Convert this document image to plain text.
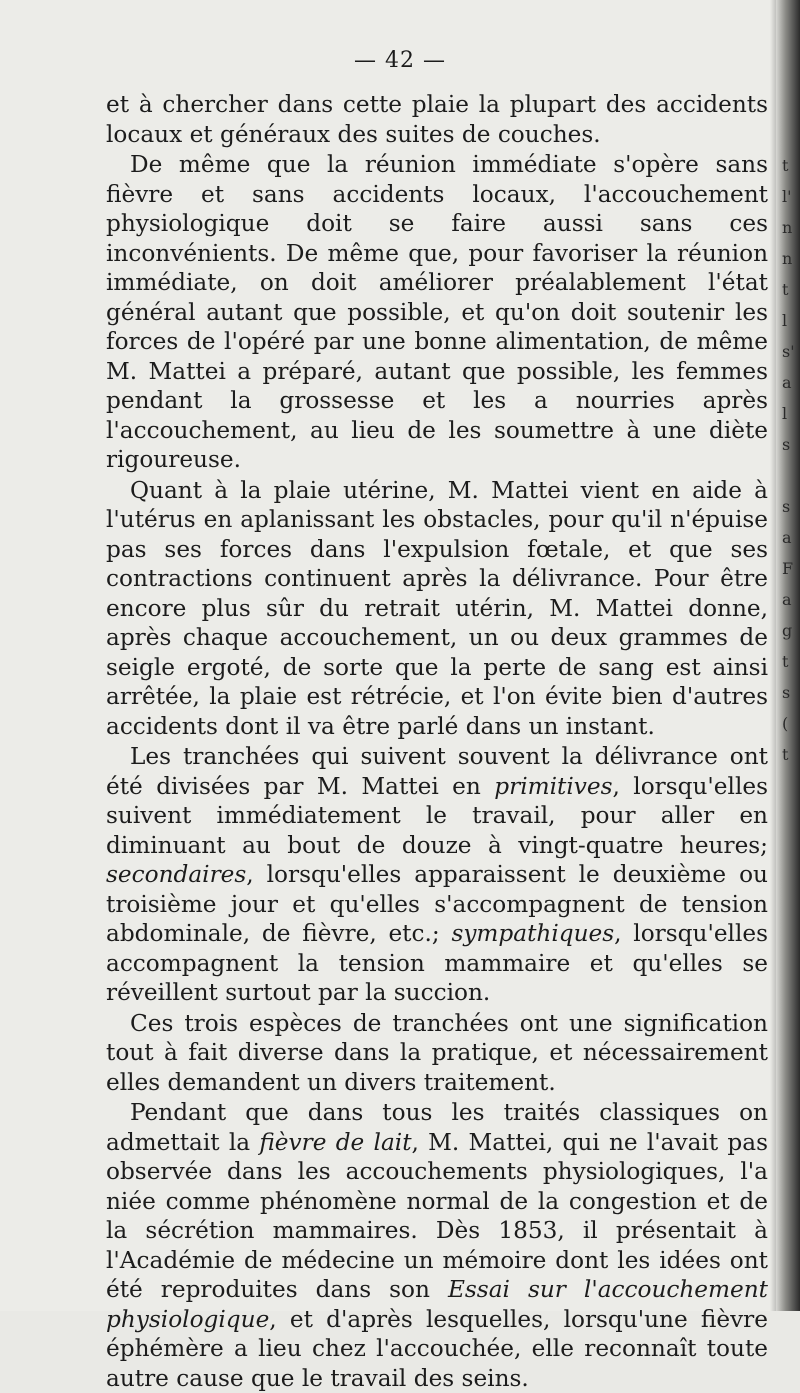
— 42 —

et à chercher dans cette plaie la plupart des accidents locaux et généraux des suites de couches.

De même que la réunion immédiate s'opère sans fièvre et sans accidents locaux, l'accouchement physiologique doit se faire aussi sans ces inconvénients. De même que, pour favoriser la réunion immédiate, on doit améliorer préalablement l'état général autant que possible, et qu'on doit soutenir les forces de l'opéré par une bonne alimentation, de même M. Mattei a préparé, autant que possible, les femmes pendant la grossesse et les a nourries après l'accouchement, au lieu de les soumettre à une diète rigoureuse.

Quant à la plaie utérine, M. Mattei vient en aide à l'utérus en aplanissant les obstacles, pour qu'il n'épuise pas ses forces dans l'expulsion fœtale, et que ses contractions continuent après la délivrance. Pour être encore plus sûr du retrait utérin, M. Mattei donne, après chaque accouchement, un ou deux grammes de seigle ergoté, de sorte que la perte de sang est ainsi arrêtée, la plaie est rétrécie, et l'on évite bien d'autres accidents dont il va être parlé dans un instant.

Les tranchées qui suivent souvent la délivrance ont été divisées par M. Mattei en primitives, lorsqu'elles suivent immédiatement le travail, pour aller en diminuant au bout de douze à vingt-quatre heures; secondaires, lorsqu'elles apparaissent le deuxième ou troisième jour et qu'elles s'accompagnent de tension abdominale, de fièvre, etc.; sympathiques, lorsqu'elles accompagnent la tension mammaire et qu'elles se réveillent surtout par la succion.

Ces trois espèces de tranchées ont une signification tout à fait diverse dans la pratique, et nécessairement elles demandent un divers traitement.

Pendant que dans tous les traités classiques on admettait la fièvre de lait, M. Mattei, qui ne l'avait pas observée dans les accouchements physiologiques, l'a niée comme phénomène normal de la congestion et de la sécrétion mammaires. Dès 1853, il présentait à l'Académie de médecine un mémoire dont les idées ont été reproduites dans son Essai sur l'accouchement physiologique, et d'après lesquelles, lorsqu'une fièvre éphémère a lieu chez l'accouchée, elle reconnaît toute autre cause que le travail des seins.

t
l'
n
n
t
l
s'
a
l
s

s
a
F
a
g
t
s
(
t
